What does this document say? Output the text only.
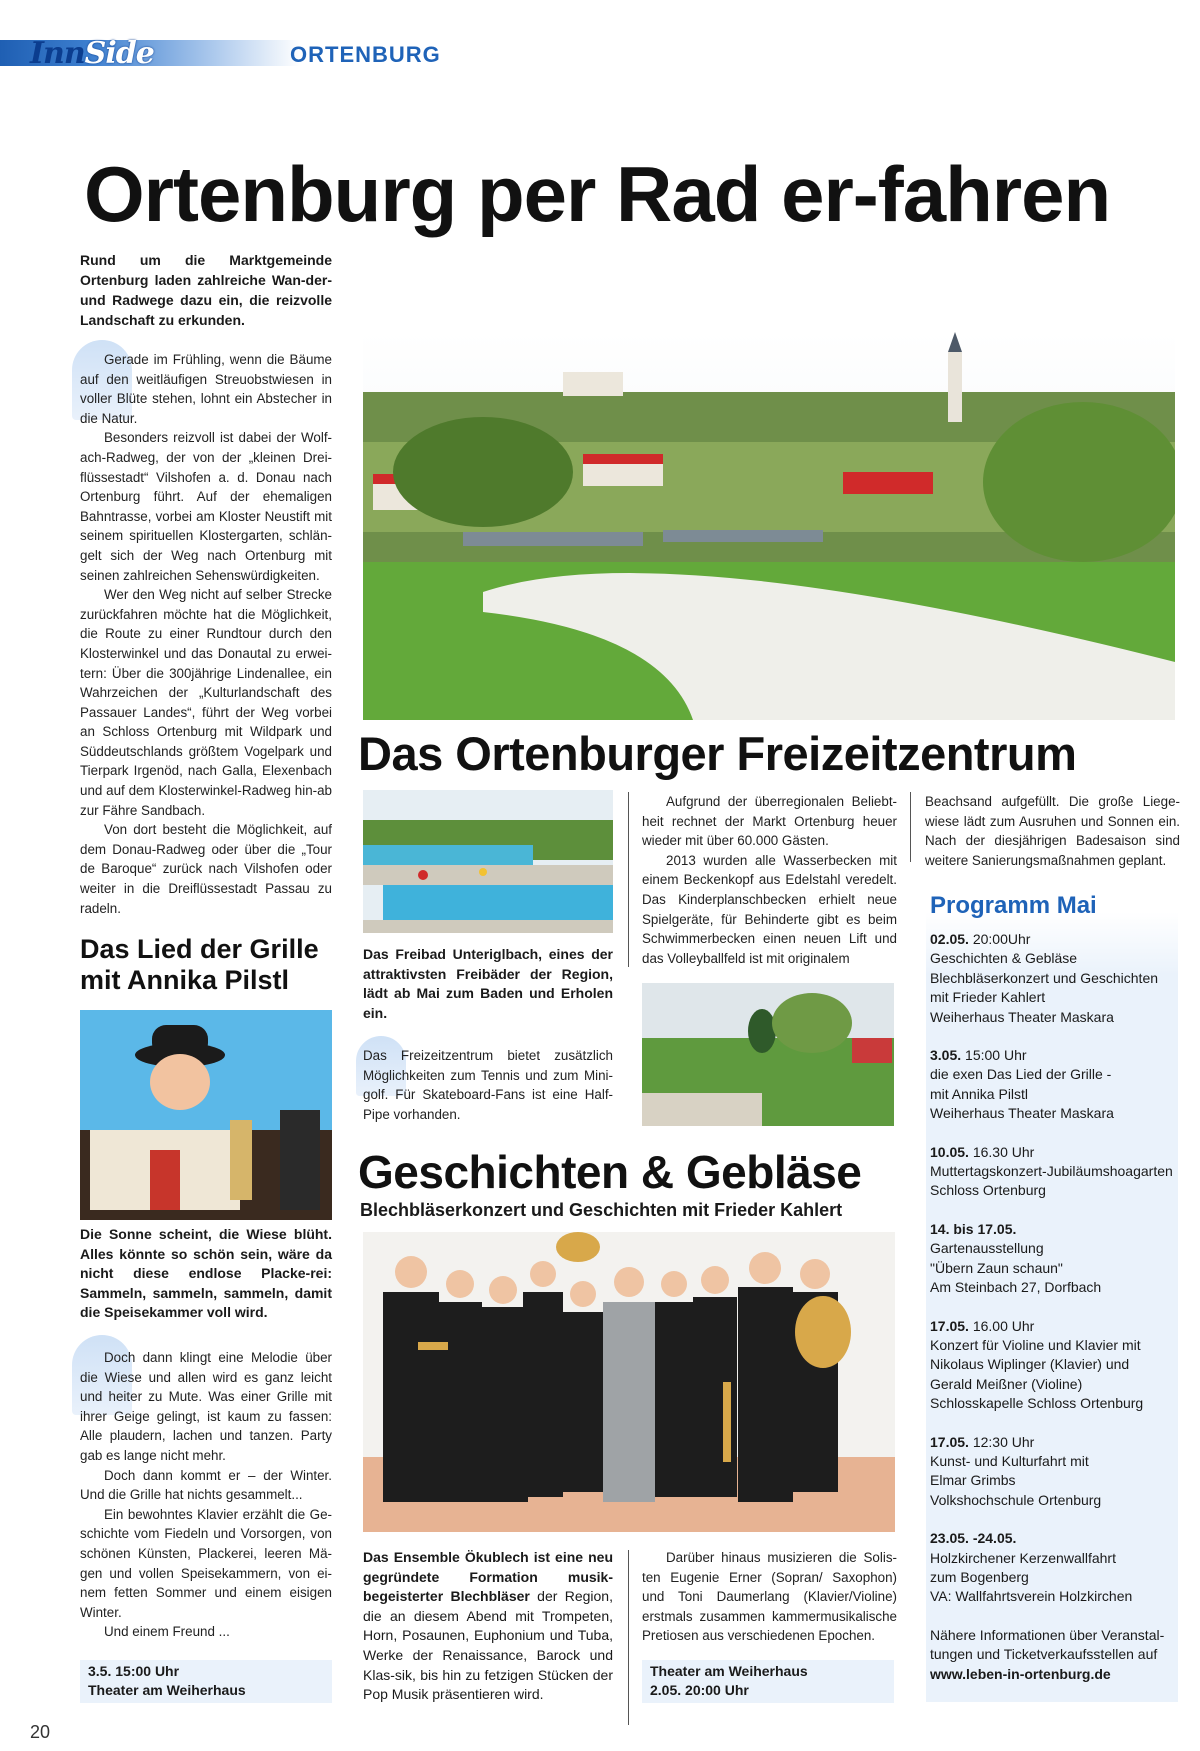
InnSide	ORTENBURG
Ortenburg per Rad er-fahren
Rund um die Marktgemeinde Ortenburg laden zahlreiche Wan-der- und Radwege dazu ein, die reizvolle Landschaft zu erkunden.

Gerade im Frühling, wenn die Bäume auf den weitläufigen Streuobstwiesen in voller Blüte stehen, lohnt ein Abstecher in die Natur.

Besonders reizvoll ist dabei der Wolf-ach-Radweg, der von der „kleinen Drei-flüssestadt“ Vilshofen a. d. Donau nach Ortenburg führt. Auf der ehemaligen Bahntrasse, vorbei am Kloster Neustift mit seinem spirituellen Klostergarten, schlän-gelt sich der Weg nach Ortenburg mit seinen zahlreichen Sehenswürdigkeiten.

Wer den Weg nicht auf selber Strecke zurückfahren möchte hat die Möglichkeit, die Route zu einer Rundtour durch den Klosterwinkel und das Donautal zu erwei-tern: Über die 300jährige Lindenallee, ein Wahrzeichen der „Kulturlandschaft des Passauer Landes“, führt der Weg vorbei an Schloss Ortenburg mit Wildpark und Süddeutschlands größtem Vogelpark und Tierpark Irgenöd, nach Galla, Elexenbach und auf dem Klosterwinkel-Radweg hin-ab zur Fähre Sandbach.

Von dort besteht die Möglichkeit, auf dem Donau-Radweg oder über die „Tour de Baroque“ zurück nach Vilshofen oder weiter in die Dreiflüssestadt Passau zu radeln.

Das Lied der Grille mit Annika Pilstl
Die Sonne scheint, die Wiese blüht. Alles könnte so schön sein, wäre da nicht diese endlose Placke-rei: Sammeln, sammeln, sammeln, damit die Speisekammer voll wird.

Doch dann klingt eine Melodie über die Wiese und allen wird es ganz leicht und heiter zu Mute. Was einer Grille mit ihrer Geige gelingt, ist kaum zu fassen: Alle plaudern, lachen und tanzen. Party gab es lange nicht mehr.

Doch dann kommt er – der Winter. Und die Grille hat nichts gesammelt...

Ein bewohntes Klavier erzählt die Ge-schichte vom Fiedeln und Vorsorgen, von schönen Künsten, Plackerei, leeren Mä-gen und vollen Speisekammern, von ei-nem fetten Sommer und einem eisigen Winter.

Und einem Freund ...

3.5. 15:00 Uhr
Theater am Weiherhaus
Das Ortenburger Freizeitzentrum
Das Freibad Unteriglbach, eines der attraktivsten Freibäder der Region, lädt ab Mai zum Baden und Erholen ein.

Das Freizeitzentrum bietet zusätzlich Möglichkeiten zum Tennis und zum Mini-golf. Für Skateboard-Fans ist eine Half-Pipe vorhanden.

Aufgrund der überregionalen Beliebt-heit rechnet der Markt Ortenburg heuer wieder mit über 60.000 Gästen.

2013 wurden alle Wasserbecken mit einem Beckenkopf aus Edelstahl veredelt. Das Kinderplanschbecken erhielt neue Spielgeräte, für Behinderte gibt es beim Schwimmerbecken einen neuen Lift und das Volleyballfeld ist mit originalem

Beachsand aufgefüllt. Die große Liege-wiese lädt zum Ausruhen und Sonnen ein. Nach der diesjährigen Badesaison sind weitere Sanierungsmaßnahmen geplant.

Programm Mai
02.05. 20:00Uhr
Geschichten & Gebläse
Blechbläserkonzert und Geschichten
mit Frieder Kahlert
Weiherhaus Theater Maskara
3.05. 15:00 Uhr
die exen Das Lied der Grille -
mit Annika Pilstl
Weiherhaus Theater Maskara
10.05. 16.30 Uhr
Muttertagskonzert-Jubiläumshoagarten
Schloss Ortenburg
14. bis 17.05.
Gartenausstellung
"Übern Zaun schaun"
Am Steinbach 27, Dorfbach
17.05. 16.00 Uhr
Konzert für Violine und Klavier mit
Nikolaus Wiplinger (Klavier) und
Gerald Meißner (Violine)
Schlosskapelle Schloss Ortenburg
17.05. 12:30 Uhr
Kunst- und Kulturfahrt mit
Elmar Grimbs
Volkshochschule Ortenburg
23.05. -24.05.
Holzkirchener Kerzenwallfahrt
zum Bogenberg
VA: Wallfahrtsverein Holzkirchen
Nähere Informationen über Veranstal-tungen und Ticketverkaufsstellen auf
www.leben-in-ortenburg.de
Geschichten & Gebläse
Blechbläserkonzert und Geschichten mit Frieder Kahlert
Das Ensemble Ökublech ist eine neu gegründete Formation musik-begeisterter Blechbläser der Region, die an diesem Abend mit Trompeten, Horn, Posaunen, Euphonium und Tuba, Werke der Renaissance, Barock und Klas-sik, bis hin zu fetzigen Stücken der Pop Musik präsentieren wird.

Darüber hinaus musizieren die Solis-ten Eugenie Erner (Sopran/ Saxophon) und Toni Daumerlang (Klavier/Violine) erstmals zusammen kammermusikalische Pretiosen aus verschiedenen Epochen.

Theater am Weiherhaus
2.05. 20:00 Uhr
20
